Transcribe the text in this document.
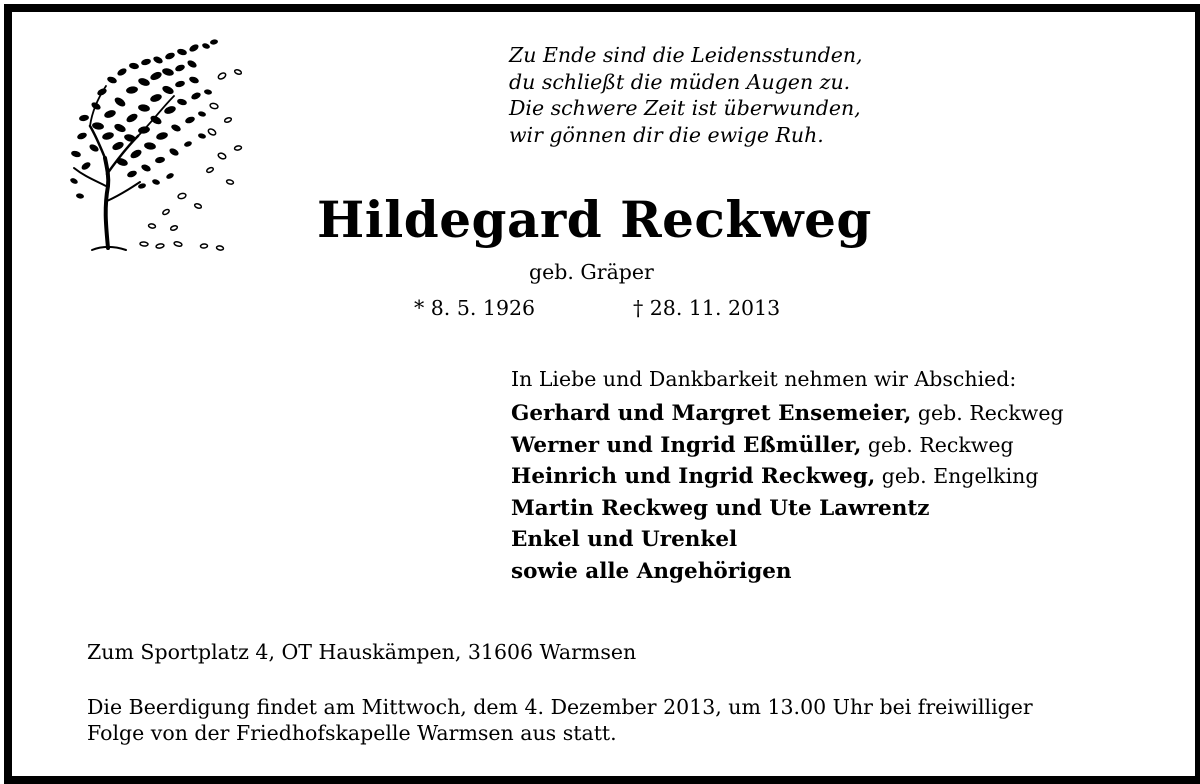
Zu Ende sind die Leidensstunden,
du schließt die müden Augen zu.
Die schwere Zeit ist überwunden,
wir gönnen dir die ewige Ruh.
Hildegard Reckweg
geb. Gräper
* 8. 5. 1926	† 28. 11. 2013
In Liebe und Dankbarkeit nehmen wir Abschied:
Gerhard und Margret Ensemeier, geb. Reckweg
Werner und Ingrid Eßmüller, geb. Reckweg
Heinrich und Ingrid Reckweg, geb. Engelking
Martin Reckweg und Ute Lawrentz
Enkel und Urenkel
sowie alle Angehörigen
Zum Sportplatz 4, OT Hauskämpen, 31606 Warmsen
Die Beerdigung findet am Mittwoch, dem 4. Dezember 2013, um 13.00 Uhr bei freiwilliger
Folge von der Friedhofskapelle Warmsen aus statt.
